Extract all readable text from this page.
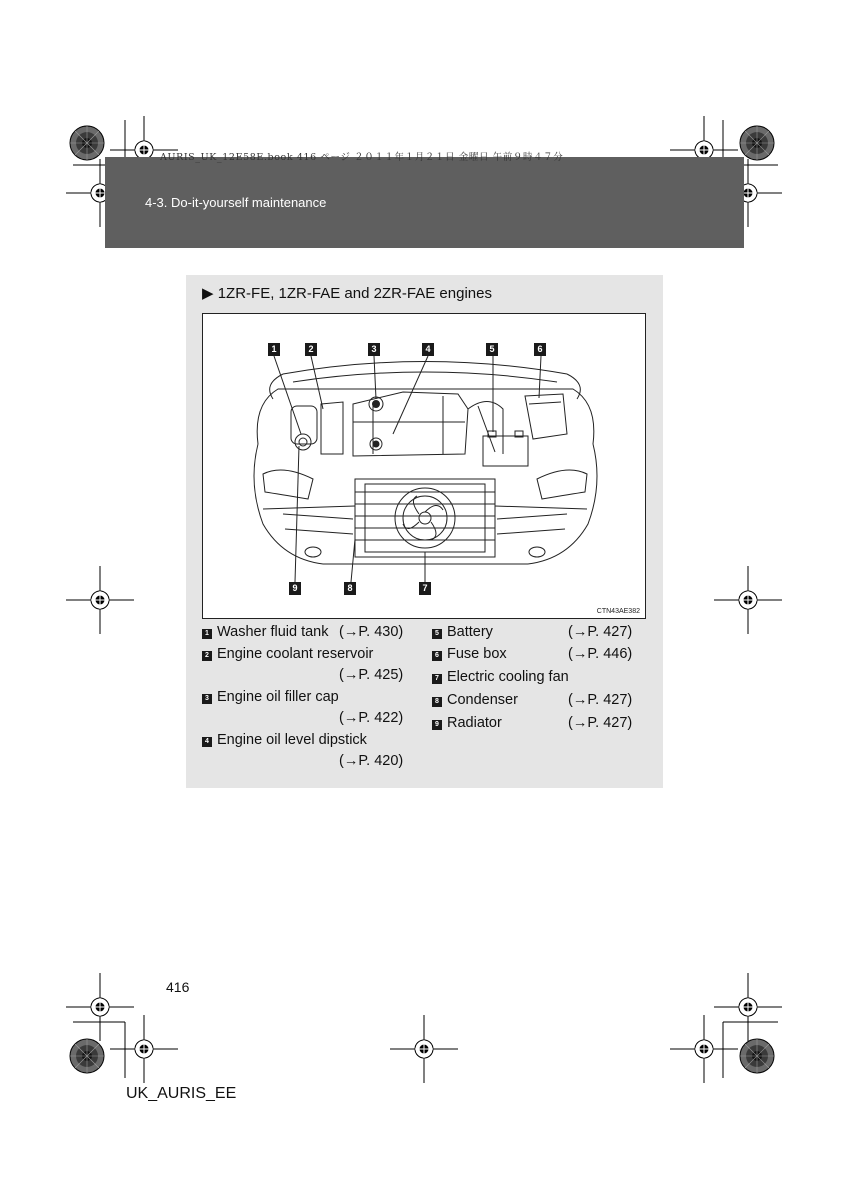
AURIS_UK_12E58E.book 416 ページ ２０１１年１月２１日 金曜日 午前９時４７分
4-3. Do-it-yourself maintenance
▶ 1ZR-FE, 1ZR-FAE and 2ZR-FAE engines
1	2	3	4	5	6
9	8	7
CTN43AE382
1 Washer fluid tank (→P. 430)
2 Engine coolant reservoir
(→P. 425)
3 Engine oil filler cap
(→P. 422)
4 Engine oil level dipstick
(→P. 420)
5 Battery	(→P. 427)
6 Fuse box	(→P. 446)
7 Electric cooling fan
8 Condenser	(→P. 427)
9 Radiator	(→P. 427)
416
UK_AURIS_EE
